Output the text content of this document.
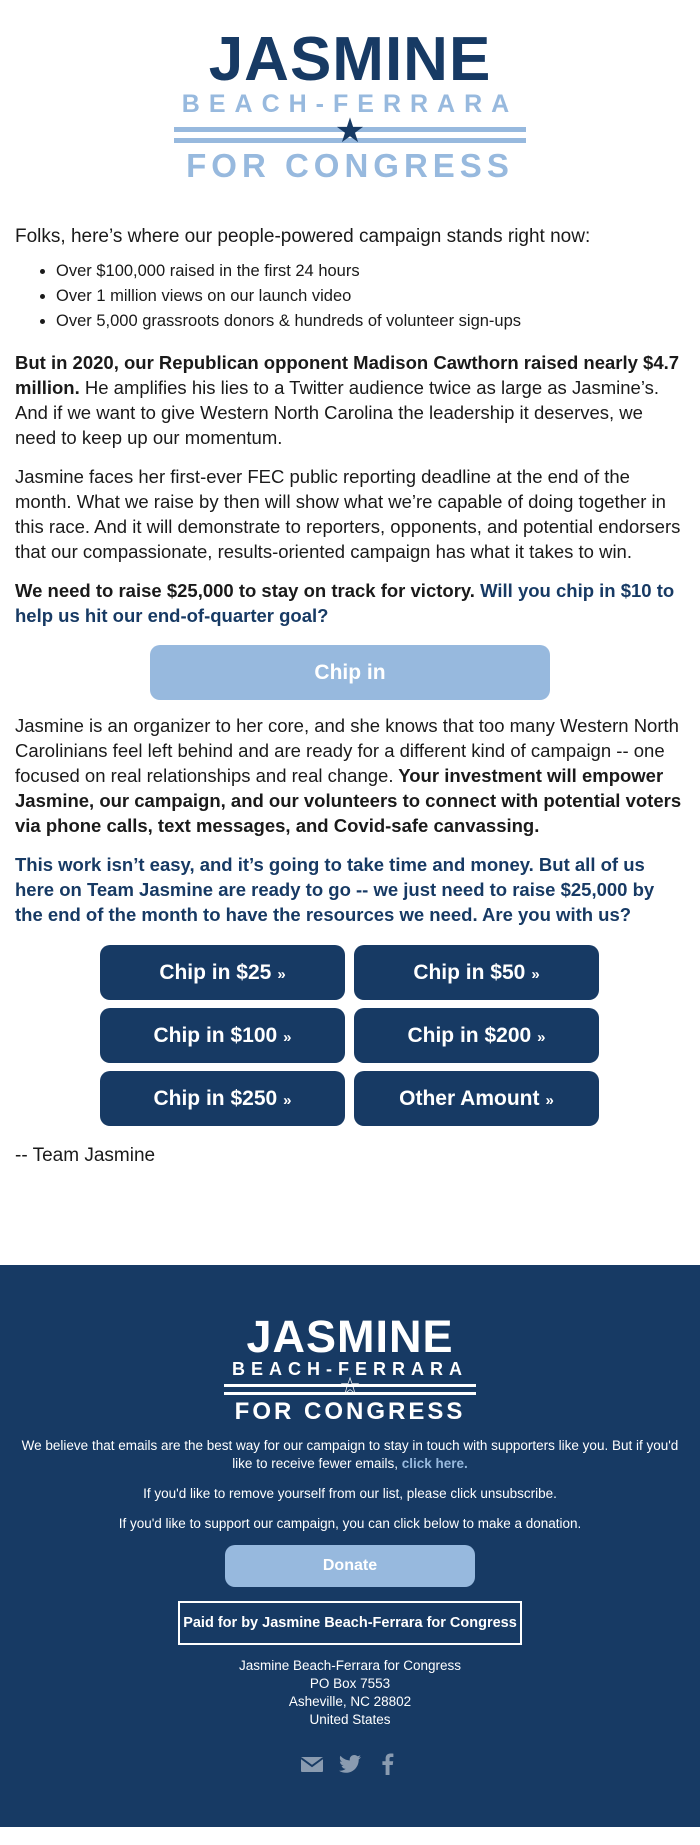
JASMINE
BEACH-FERRARA
★
FOR CONGRESS

Folks, here’s where our people-powered campaign stands right now:

• Over $100,000 raised in the first 24 hours
• Over 1 million views on our launch video
• Over 5,000 grassroots donors & hundreds of volunteer sign-ups

But in 2020, our Republican opponent Madison Cawthorn raised nearly $4.7 million. He amplifies his lies to a Twitter audience twice as large as Jasmine’s. And if we want to give Western North Carolina the leadership it deserves, we need to keep up our momentum.

Jasmine faces her first-ever FEC public reporting deadline at the end of the month. What we raise by then will show what we’re capable of doing together in this race. And it will demonstrate to reporters, opponents, and potential endorsers that our compassionate, results-oriented campaign has what it takes to win.

We need to raise $25,000 to stay on track for victory. Will you chip in $10 to help us hit our end-of-quarter goal?

Chip in

Jasmine is an organizer to her core, and she knows that too many Western North Carolinians feel left behind and are ready for a different kind of campaign -- one focused on real relationships and real change. Your investment will empower Jasmine, our campaign, and our volunteers to connect with potential voters via phone calls, text messages, and Covid-safe canvassing.

This work isn’t easy, and it’s going to take time and money. But all of us here on Team Jasmine are ready to go -- we just need to raise $25,000 by the end of the month to have the resources we need. Are you with us?

Chip in $25 »	Chip in $50 »
Chip in $100 »	Chip in $200 »
Chip in $250 »	Other Amount »

-- Team Jasmine

JASMINE
BEACH-FERRARA
☆
FOR CONGRESS

We believe that emails are the best way for our campaign to stay in touch with supporters like you. But if you'd like to receive fewer emails, click here.

If you'd like to remove yourself from our list, please click unsubscribe.

If you'd like to support our campaign, you can click below to make a donation.

Donate
Paid for by Jasmine Beach-Ferrara for Congress
Jasmine Beach-Ferrara for Congress
PO Box 7553
Asheville, NC 28802
United States
